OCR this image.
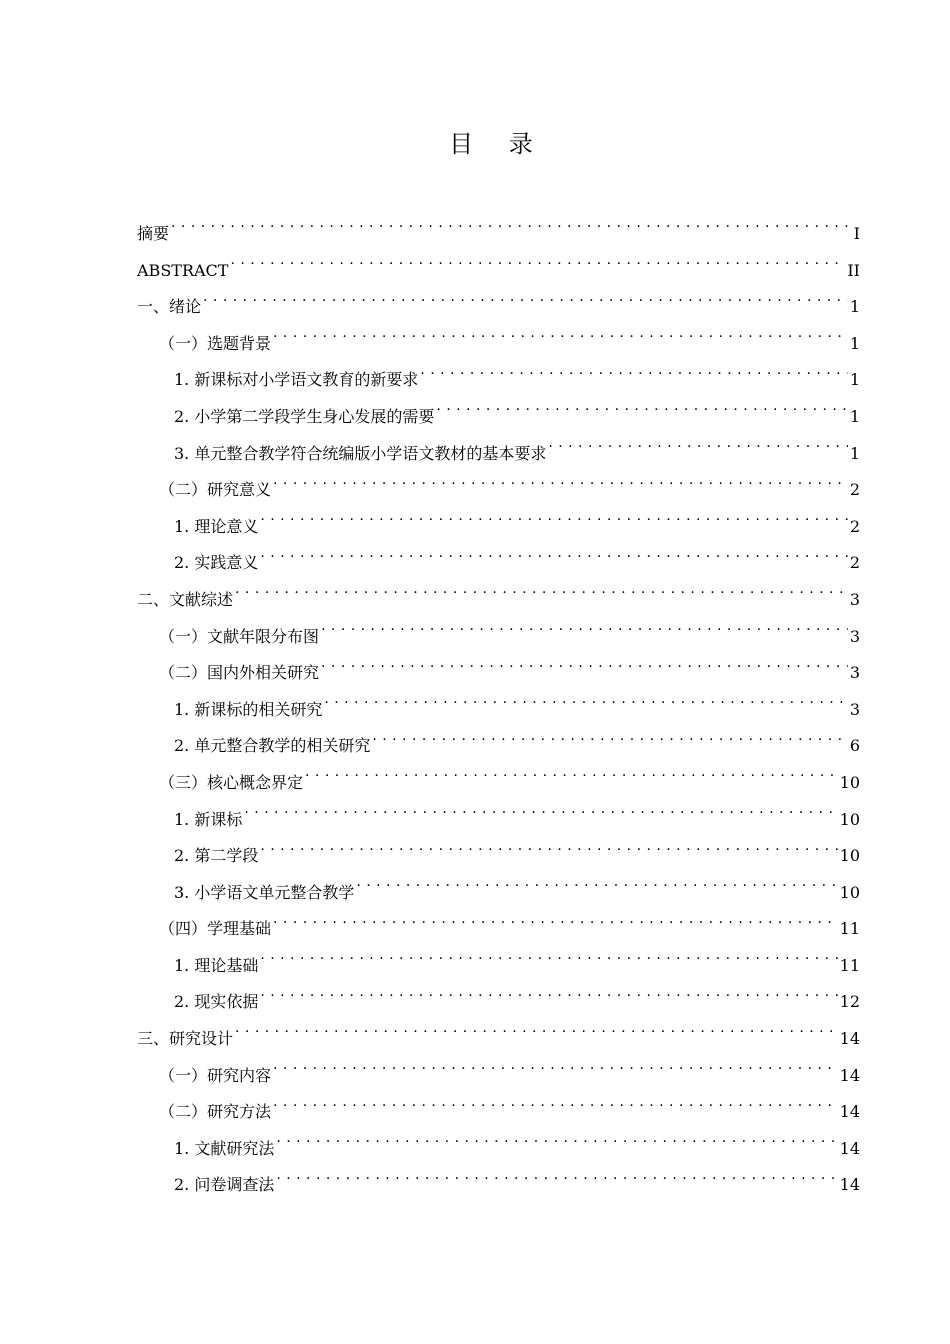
目 录
摘要 . . .	I
ABSTRACT . . .	II
一、绪论 . . .	1
（一）选题背景 . . .	1
1. 新课标对小学语文教育的新要求 . . .	1
2. 小学第二学段学生身心发展的需要 . . .	1
3. 单元整合教学符合统编版小学语文教材的基本要求 . . .	1
（二）研究意义 . . .	2
1. 理论意义 . . .	2
2. 实践意义 . . .	2
二、文献综述 . . .	3
（一）文献年限分布图 . . .	3
（二）国内外相关研究 . . .	3
1. 新课标的相关研究 . . .	3
2. 单元整合教学的相关研究 . . .	6
（三）核心概念界定 . . .	10
1. 新课标 . . .	10
2. 第二学段 . . .	10
3. 小学语文单元整合教学 . . .	10
（四）学理基础 . . .	11
1. 理论基础 . . .	11
2. 现实依据 . . .	12
三、研究设计 . . .	14
（一）研究内容 . . .	14
（二）研究方法 . . .	14
1. 文献研究法 . . .	14
2. 问卷调查法 . . .	14
